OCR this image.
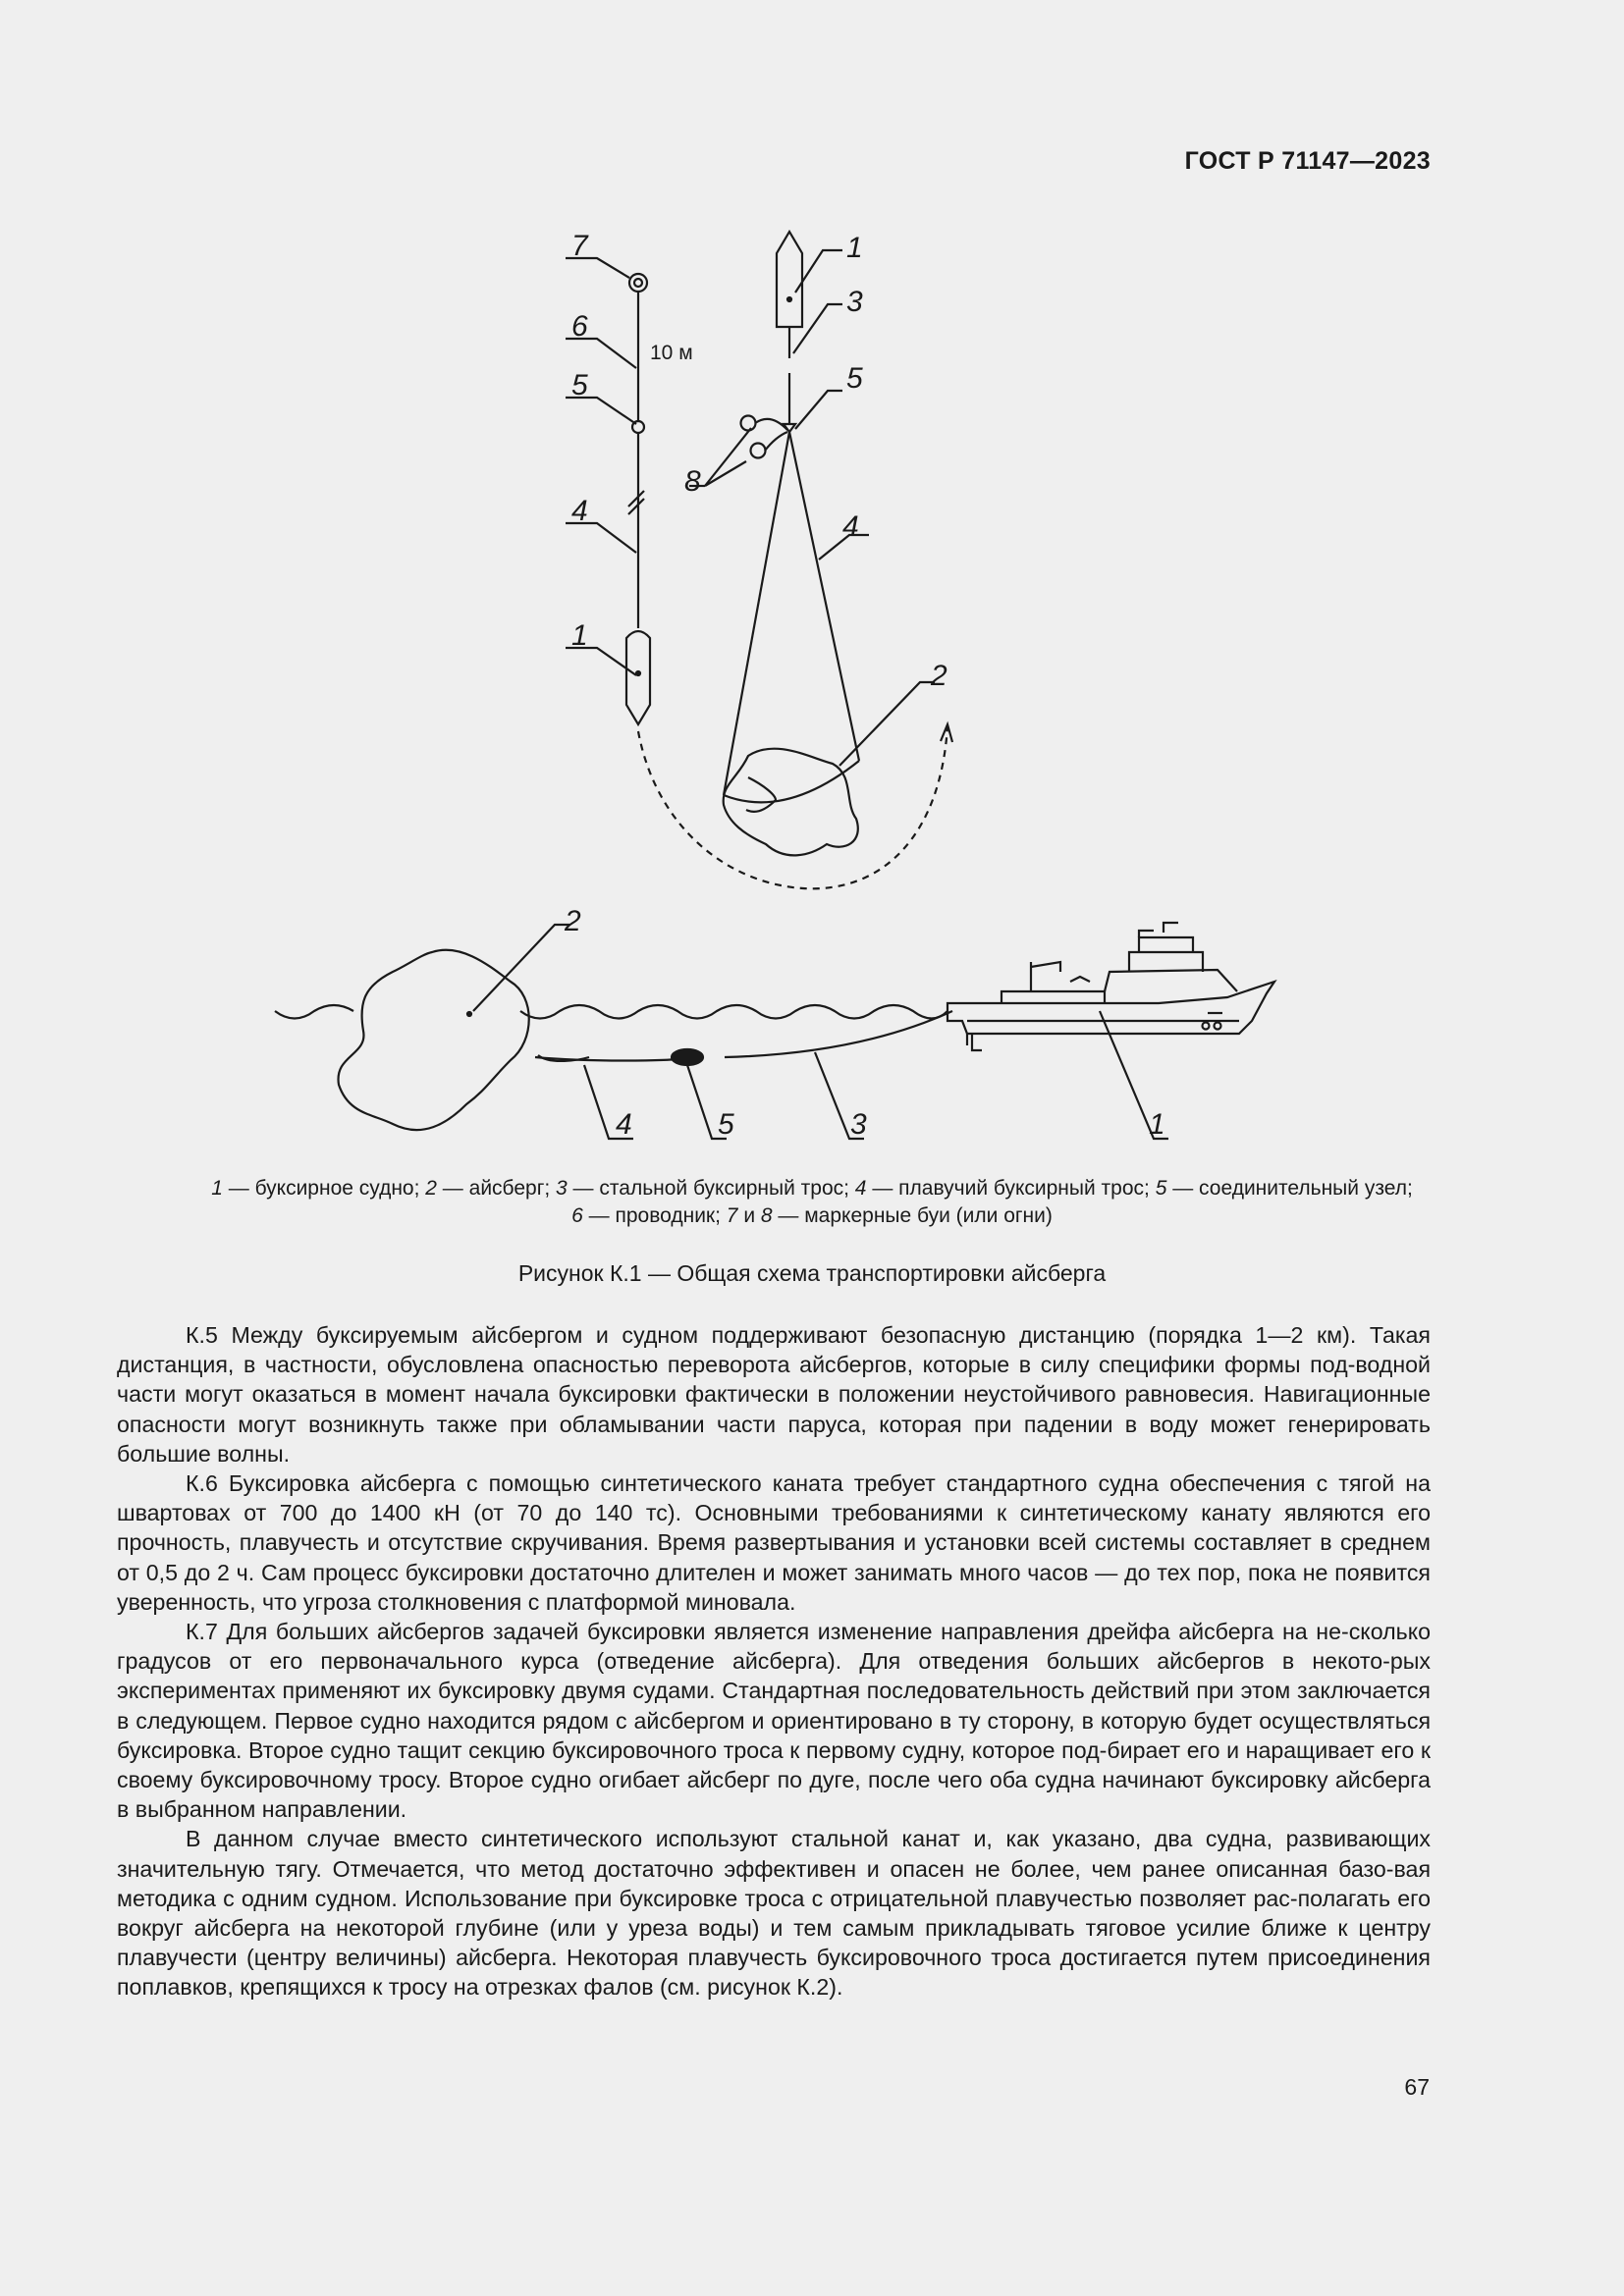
ГОСТ Р 71147—2023
7
6
5
4
1
1
3
5
8
4
2
2
4	5	3	1
10 м
1 — буксирное судно; 2 — айсберг; 3 — стальной буксирный трос; 4 — плавучий буксирный трос; 5 — соединительный узел;
6 — проводник; 7 и 8 — маркерные буи (или огни)
Рисунок К.1 — Общая схема транспортировки айсберга

К.5 Между буксируемым айсбергом и судном поддерживают безопасную дистанцию (порядка 1—2 км). Такая дистанция, в частности, обусловлена опасностью переворота айсбергов, которые в силу специфики формы под-водной части могут оказаться в момент начала буксировки фактически в положении неустойчивого равновесия. Навигационные опасности могут возникнуть также при обламывании части паруса, которая при падении в воду может генерировать большие волны.

К.6 Буксировка айсберга с помощью синтетического каната требует стандартного судна обеспечения с тягой на швартовах от 700 до 1400 кН (от 70 до 140 тс). Основными требованиями к синтетическому канату являются его прочность, плавучесть и отсутствие скручивания. Время развертывания и установки всей системы составляет в среднем от 0,5 до 2 ч. Сам процесс буксировки достаточно длителен и может занимать много часов — до тех пор, пока не появится уверенность, что угроза столкновения с платформой миновала.

К.7 Для больших айсбергов задачей буксировки является изменение направления дрейфа айсберга на не-сколько градусов от его первоначального курса (отведение айсберга). Для отведения больших айсбергов в некото-рых экспериментах применяют их буксировку двумя судами. Стандартная последовательность действий при этом заключается в следующем. Первое судно находится рядом с айсбергом и ориентировано в ту сторону, в которую будет осуществляться буксировка. Второе судно тащит секцию буксировочного троса к первому судну, которое под-бирает его и наращивает его к своему буксировочному тросу. Второе судно огибает айсберг по дуге, после чего оба судна начинают буксировку айсберга в выбранном направлении.

В данном случае вместо синтетического используют стальной канат и, как указано, два судна, развивающих значительную тягу. Отмечается, что метод достаточно эффективен и опасен не более, чем ранее описанная базо-вая методика с одним судном. Использование при буксировке троса с отрицательной плавучестью позволяет рас-полагать его вокруг айсберга на некоторой глубине (или у уреза воды) и тем самым прикладывать тяговое усилие ближе к центру плавучести (центру величины) айсберга. Некоторая плавучесть буксировочного троса достигается путем присоединения поплавков, крепящихся к тросу на отрезках фалов (см. рисунок К.2).

67
